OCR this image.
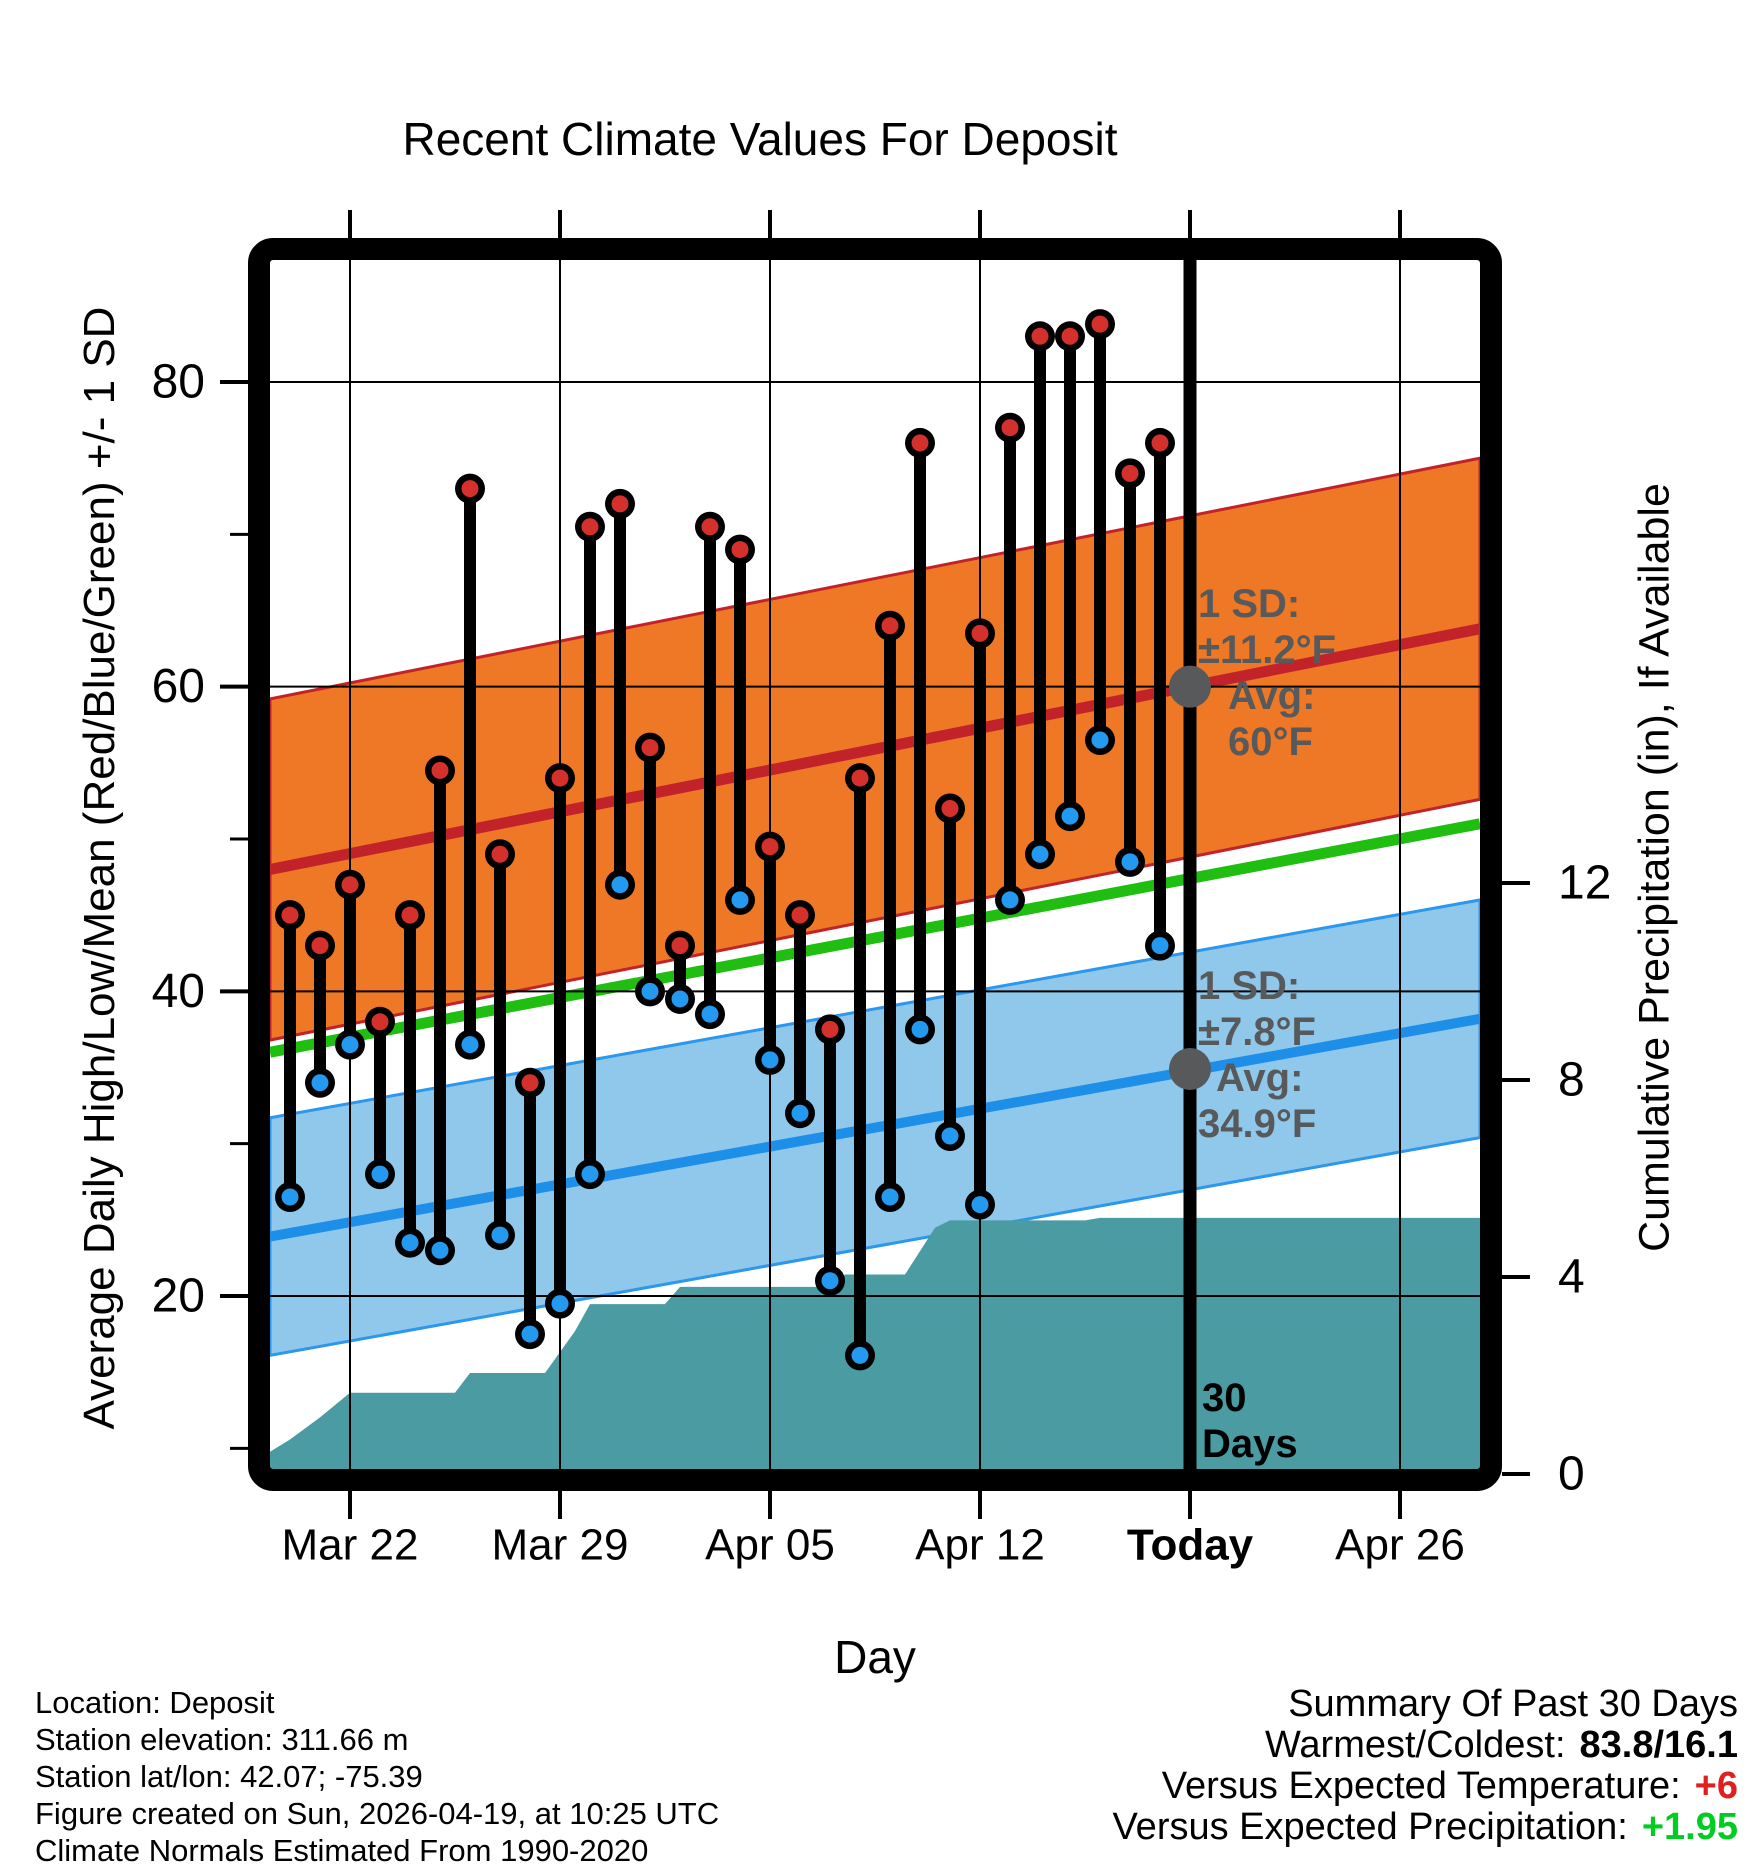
Recent Climate Values For Deposit
Average Daily High/Low/Mean (Red/Blue/Green) +/- 1 SD	Cumulative Precipitation (in), If Available
80
60
40
20
12
8
4
0
Mar 22 Mar 29 Apr 05 Apr 12 Today Apr 26
1 SD:
±11.2°F
Avg:
60°F
1 SD:
±7.8°F
Avg:
34.9°F
30
Days
Day
Location: Deposit
Station elevation: 311.66 m
Station lat/lon: 42.07; -75.39
Figure created on Sun, 2026-04-19, at 10:25 UTC
Climate Normals Estimated From 1990-2020
Summary Of Past 30 Days
Warmest/Coldest: 83.8/16.1
Versus Expected Temperature: +6
Versus Expected Precipitation: +1.95
